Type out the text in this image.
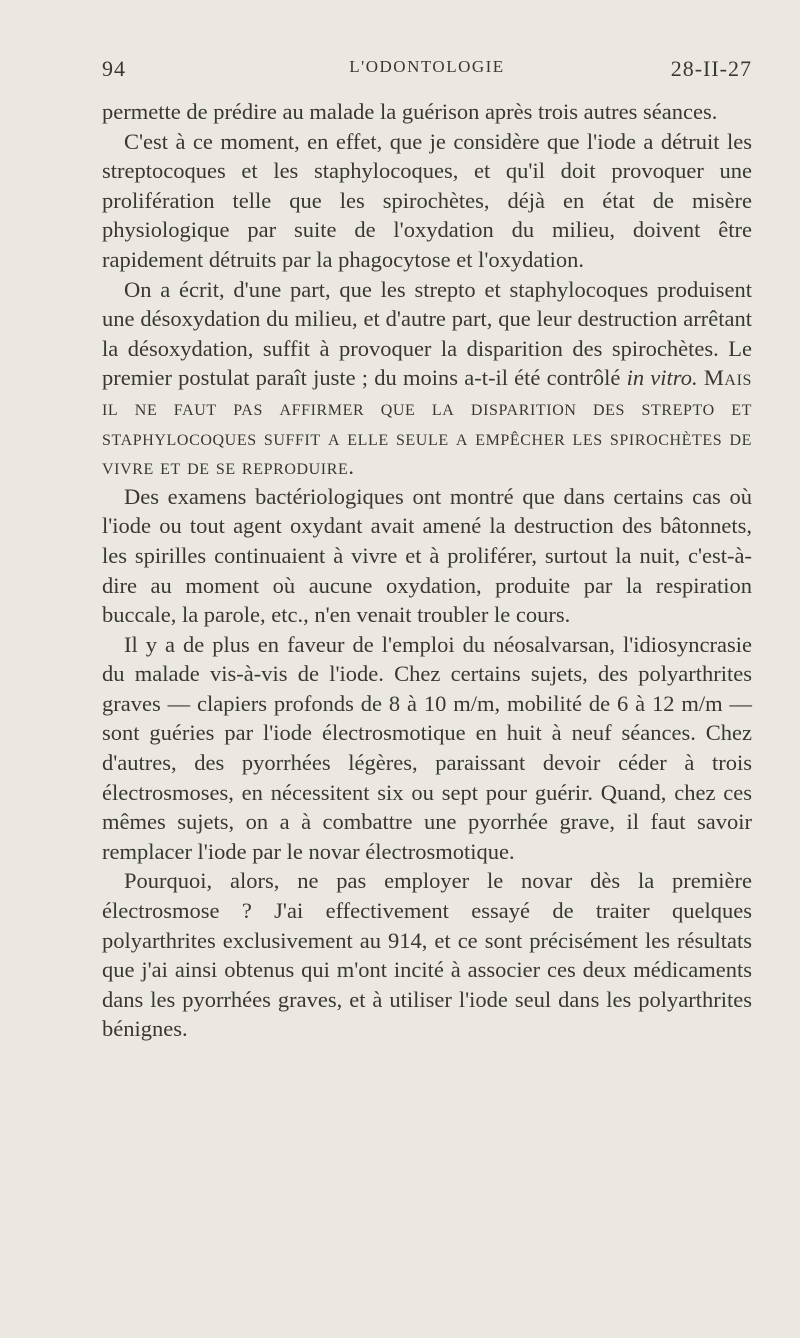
94	L'ODONTOLOGIE	28-II-27

permette de prédire au malade la guérison après trois autres séances.

C'est à ce moment, en effet, que je considère que l'iode a détruit les streptocoques et les staphylocoques, et qu'il doit provoquer une prolifération telle que les spirochètes, déjà en état de misère physiologique par suite de l'oxydation du milieu, doivent être rapidement détruits par la phagocytose et l'oxydation.

On a écrit, d'une part, que les strepto et staphylocoques produisent une désoxydation du milieu, et d'autre part, que leur destruction arrêtant la désoxydation, suffit à provoquer la disparition des spirochètes. Le premier postulat paraît juste ; du moins a-t-il été contrôlé in vitro. Mais il ne faut pas affirmer que la disparition des strepto et staphylocoques suffit a elle seule a empêcher les spirochètes de vivre et de se reproduire.

Des examens bactériologiques ont montré que dans certains cas où l'iode ou tout agent oxydant avait amené la destruction des bâtonnets, les spirilles continuaient à vivre et à proliférer, surtout la nuit, c'est-à-dire au moment où aucune oxydation, produite par la respiration buccale, la parole, etc., n'en venait troubler le cours.

Il y a de plus en faveur de l'emploi du néosalvarsan, l'idiosyncrasie du malade vis-à-vis de l'iode. Chez certains sujets, des polyarthrites graves — clapiers profonds de 8 à 10 m/m, mobilité de 6 à 12 m/m — sont guéries par l'iode électrosmotique en huit à neuf séances. Chez d'autres, des pyorrhées légères, paraissant devoir céder à trois électrosmoses, en nécessitent six ou sept pour guérir. Quand, chez ces mêmes sujets, on a à combattre une pyorrhée grave, il faut savoir remplacer l'iode par le novar électrosmotique.

Pourquoi, alors, ne pas employer le novar dès la première électrosmose ? J'ai effectivement essayé de traiter quelques polyarthrites exclusivement au 914, et ce sont précisément les résultats que j'ai ainsi obtenus qui m'ont incité à associer ces deux médicaments dans les pyorrhées graves, et à utiliser l'iode seul dans les polyarthrites bénignes.
